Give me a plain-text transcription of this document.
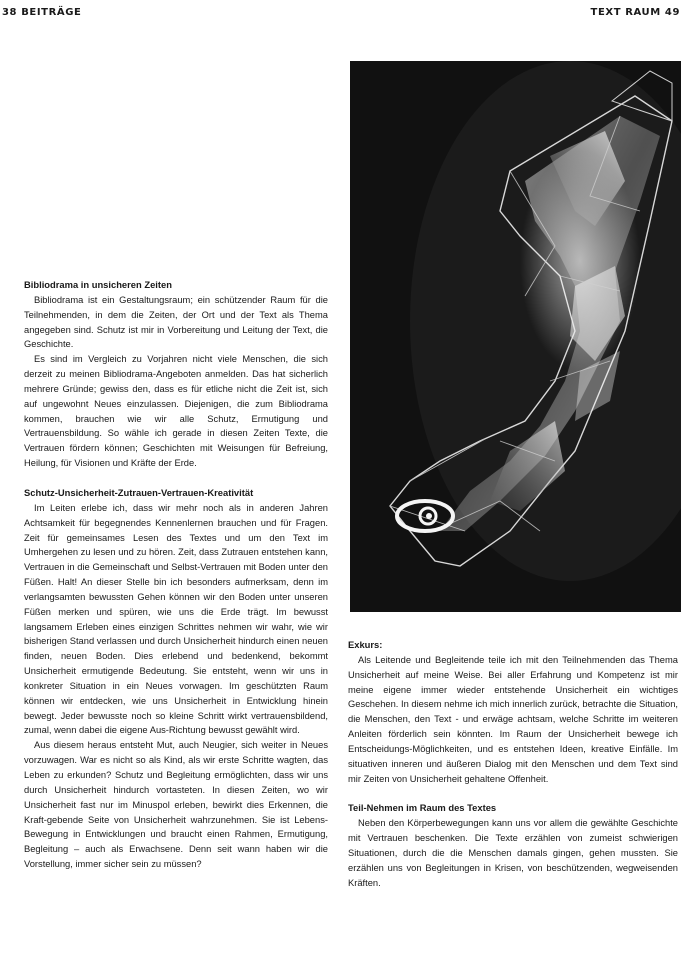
38 BEITRÄGE	TEXT RAUM 49
Bibliodrama in unsicheren Zeiten

Bibliodrama ist ein Gestaltungsraum; ein schützender Raum für die Teilnehmenden, in dem die Zeiten, der Ort und der Text als Thema angegeben sind. Schutz ist mir in Vorbereitung und Leitung der Text, die Geschichte.

Es sind im Vergleich zu Vorjahren nicht viele Menschen, die sich derzeit zu meinen Bibliodrama-Angeboten anmelden. Das hat sicherlich mehrere Gründe; gewiss den, dass es für etliche nicht die Zeit ist, sich auf ungewohnt Neues einzulassen. Diejenigen, die zum Bibliodrama kommen, brauchen wie wir alle Schutz, Ermutigung und Vertrauensbildung. So wähle ich gerade in diesen Zeiten Texte, die Vertrauen fördern können; Geschichten mit Weisungen für Befreiung, Heilung, für Visionen und Kräfte der Erde.

Schutz-Unsicherheit-Zutrauen-Vertrauen-Kreativität

Im Leiten erlebe ich, dass wir mehr noch als in anderen Jahren Achtsamkeit für begegnendes Kennenlernen brauchen und für Fragen. Zeit für gemeinsames Lesen des Textes und um den Text im Umhergehen zu lesen und zu hören. Zeit, dass Zutrauen entstehen kann, Vertrauen in die Gemeinschaft und Selbst-Vertrauen mit Boden unter den Füßen. Halt! An dieser Stelle bin ich besonders aufmerksam, denn im verlangsamten bewussten Gehen können wir den Boden unter unseren Füßen merken und spüren, wie uns die Erde trägt. Im bewusst langsamem Erleben eines einzigen Schrittes nehmen wir wahr, wie wir bisherigen Stand verlassen und durch Unsicherheit hindurch einen neuen finden, neuen Boden. Dies erlebend und bedenkend, bekommt Unsicherheit ermutigende Bedeutung. Sie entsteht, wenn wir uns in konkreter Situation in ein Neues vorwagen. Im geschützten Raum können wir entdecken, wie uns Unsicherheit in Entwicklung hinein bewegt. Jeder bewusste noch so kleine Schritt wirkt vertrauensbildend, zumal, wenn dabei die eigene Aus-Richtung bewusst gewählt wird.

Aus diesem heraus entsteht Mut, auch Neugier, sich weiter in Neues vorzuwagen. War es nicht so als Kind, als wir erste Schritte wagten, das Leben zu erkunden? Schutz und Begleitung ermöglichten, dass wir uns durch Unsicherheit hindurch vortasteten. In diesen Zeiten, wo wir Unsicherheit fast nur im Minuspol erleben, bewirkt dies Erkennen, die Kraft-gebende Seite von Unsicherheit wahrzunehmen. Sie ist Lebens-Bewegung in Entwicklungen und braucht einen Rahmen, Ermutigung, Begleitung – auch als Erwachsene. Denn seit wann haben wir die Vorstellung, immer sicher sein zu müssen?

Exkurs:

Als Leitende und Begleitende teile ich mit den Teilnehmenden das Thema Unsicherheit auf meine Weise. Bei aller Erfahrung und Kompetenz ist mir meine eigene immer wieder entstehende Unsicherheit ein wichtiges Geschehen. In diesem nehme ich mich innerlich zurück, betrachte die Situation, die Menschen, den Text - und erwäge achtsam, welche Schritte im weiteren Anleiten förderlich sein könnten. Im Raum der Unsicherheit bewege ich Entscheidungs-Möglichkeiten, und es entstehen Ideen, kreative Einfälle. Im situativen inneren und äußeren Dialog mit den Menschen und dem Text sind mir Zeiten von Unsicherheit gehaltene Offenheit.

Teil-Nehmen im Raum des Textes

Neben den Körperbewegungen kann uns vor allem die gewählte Geschichte mit Vertrauen beschenken. Die Texte erzählen von zumeist schwierigen Situationen, durch die die Menschen damals gingen, gehen mussten. Sie erzählen uns von Begleitungen in Krisen, von beschützenden, wegweisenden Kräften.
